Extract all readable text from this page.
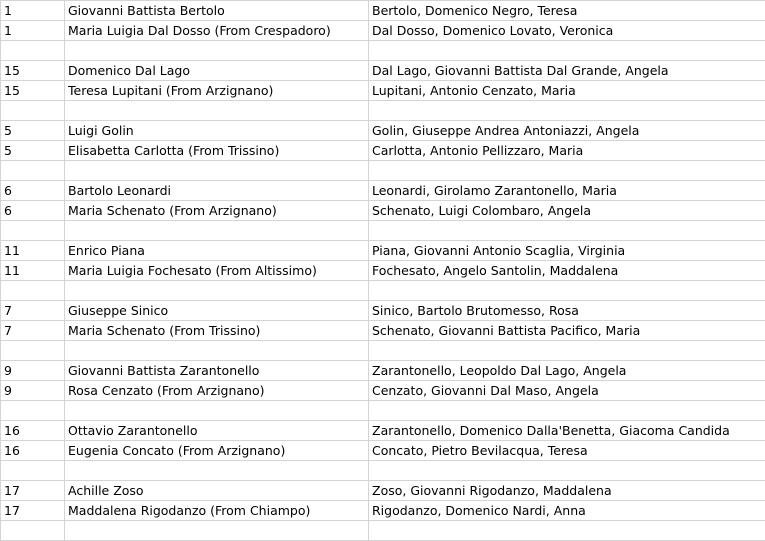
1	Giovanni Battista Bertolo	Bertolo, Domenico Negro, Teresa
1	Maria Luigia Dal Dosso (From Crespadoro)	Dal Dosso, Domenico Lovato, Veronica

15	Domenico Dal Lago	Dal Lago, Giovanni Battista Dal Grande, Angela
15	Teresa Lupitani (From Arzignano)	Lupitani, Antonio Cenzato, Maria

5	Luigi Golin	Golin, Giuseppe Andrea Antoniazzi, Angela
5	Elisabetta Carlotta (From Trissino)	Carlotta, Antonio Pellizzaro, Maria

6	Bartolo Leonardi	Leonardi, Girolamo Zarantonello, Maria
6	Maria Schenato (From Arzignano)	Schenato, Luigi Colombaro, Angela

11	Enrico Piana	Piana, Giovanni Antonio Scaglia, Virginia
11	Maria Luigia Fochesato (From Altissimo)	Fochesato, Angelo Santolin, Maddalena

7	Giuseppe Sinico	Sinico, Bartolo Brutomesso, Rosa
7	Maria Schenato (From Trissino)	Schenato, Giovanni Battista Pacifico, Maria

9	Giovanni Battista Zarantonello	Zarantonello, Leopoldo Dal Lago, Angela
9	Rosa Cenzato (From Arzignano)	Cenzato, Giovanni Dal Maso, Angela

16	Ottavio Zarantonello	Zarantonello, Domenico Dalla'Benetta, Giacoma Candida
16	Eugenia Concato (From Arzignano)	Concato, Pietro Bevilacqua, Teresa

17	Achille Zoso	Zoso, Giovanni Rigodanzo, Maddalena
17	Maddalena Rigodanzo (From Chiampo)	Rigodanzo, Domenico Nardi, Anna
